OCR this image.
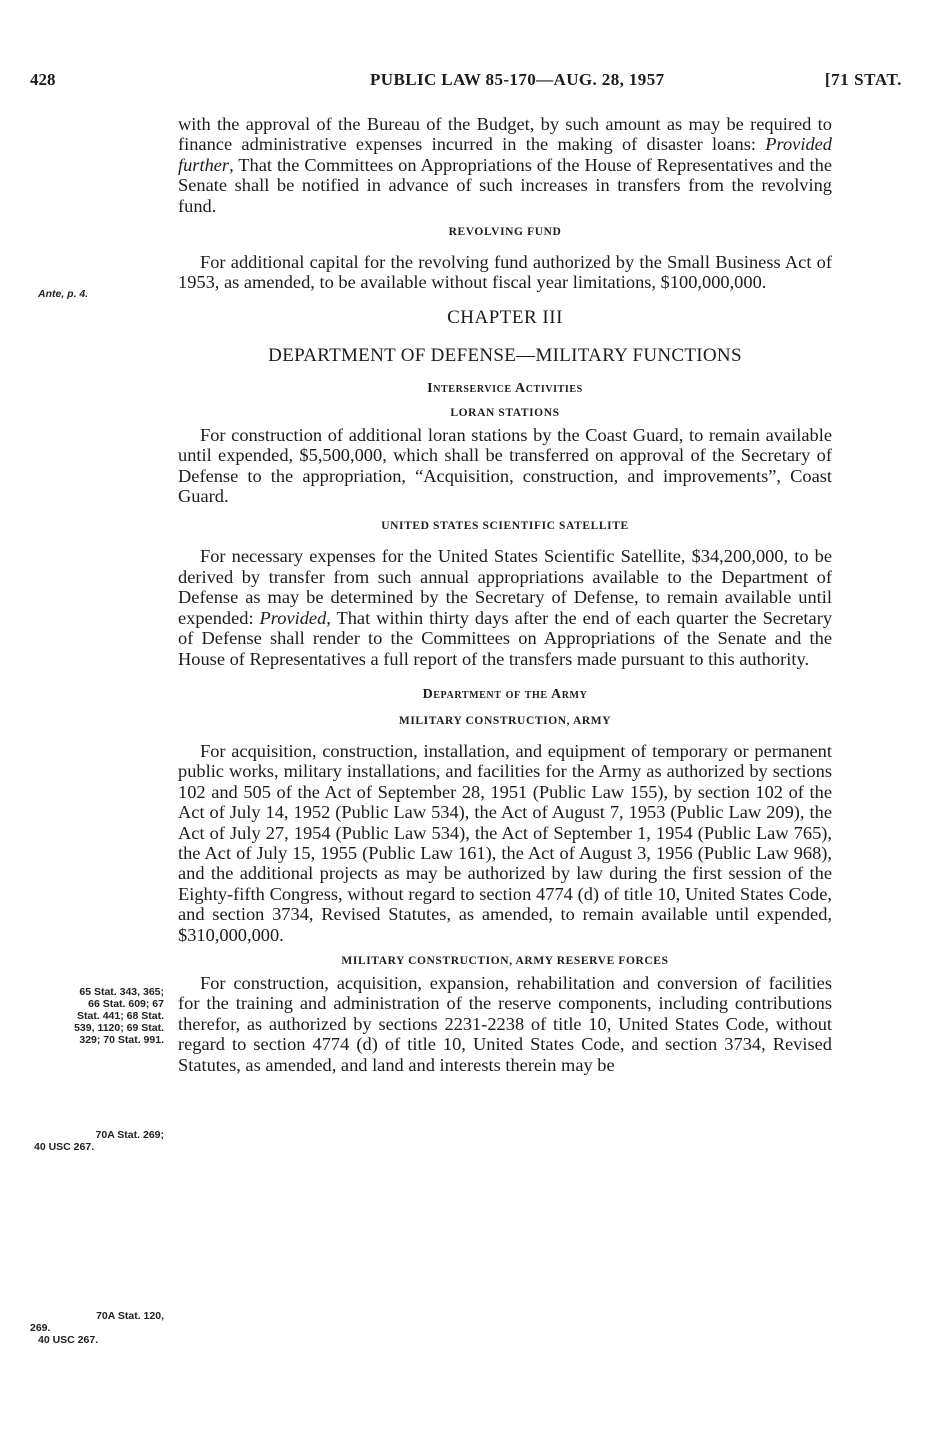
428	PUBLIC LAW 85-170—AUG. 28, 1957	[71 STAT.
Ante, p. 4.
65 Stat. 343, 365;
66 Stat. 609; 67
Stat. 441; 68 Stat.
539, 1120; 69 Stat.
329; 70 Stat. 991.
70A Stat. 269;
40 USC 267.
70A Stat. 120,
269.
40 USC 267.

with the approval of the Bureau of the Budget, by such amount as may be required to finance administrative expenses incurred in the making of disaster loans: Provided further, That the Committees on Appropriations of the House of Representatives and the Senate shall be notified in advance of such increases in transfers from the revolving fund.

REVOLVING FUND

For additional capital for the revolving fund authorized by the Small Business Act of 1953, as amended, to be available without fiscal year limitations, $100,000,000.

CHAPTER III
DEPARTMENT OF DEFENSE—MILITARY FUNCTIONS
Interservice Activities
LORAN STATIONS

For construction of additional loran stations by the Coast Guard, to remain available until expended, $5,500,000, which shall be transferred on approval of the Secretary of Defense to the appropriation, “Acquisition, construction, and improvements”, Coast Guard.

UNITED STATES SCIENTIFIC SATELLITE

For necessary expenses for the United States Scientific Satellite, $34,200,000, to be derived by transfer from such annual appropriations available to the Department of Defense as may be determined by the Secretary of Defense, to remain available until expended: Provided, That within thirty days after the end of each quarter the Secretary of Defense shall render to the Committees on Appropriations of the Senate and the House of Representatives a full report of the transfers made pursuant to this authority.

Department of the Army
MILITARY CONSTRUCTION, ARMY

For acquisition, construction, installation, and equipment of temporary or permanent public works, military installations, and facilities for the Army as authorized by sections 102 and 505 of the Act of September 28, 1951 (Public Law 155), by section 102 of the Act of July 14, 1952 (Public Law 534), the Act of August 7, 1953 (Public Law 209), the Act of July 27, 1954 (Public Law 534), the Act of September 1, 1954 (Public Law 765), the Act of July 15, 1955 (Public Law 161), the Act of August 3, 1956 (Public Law 968), and the additional projects as may be authorized by law during the first session of the Eighty-fifth Congress, without regard to section 4774 (d) of title 10, United States Code, and section 3734, Revised Statutes, as amended, to remain available until expended, $310,000,000.

MILITARY CONSTRUCTION, ARMY RESERVE FORCES

For construction, acquisition, expansion, rehabilitation and conversion of facilities for the training and administration of the reserve components, including contributions therefor, as authorized by sections 2231-2238 of title 10, United States Code, without regard to section 4774 (d) of title 10, United States Code, and section 3734, Revised Statutes, as amended, and land and interests therein may be
